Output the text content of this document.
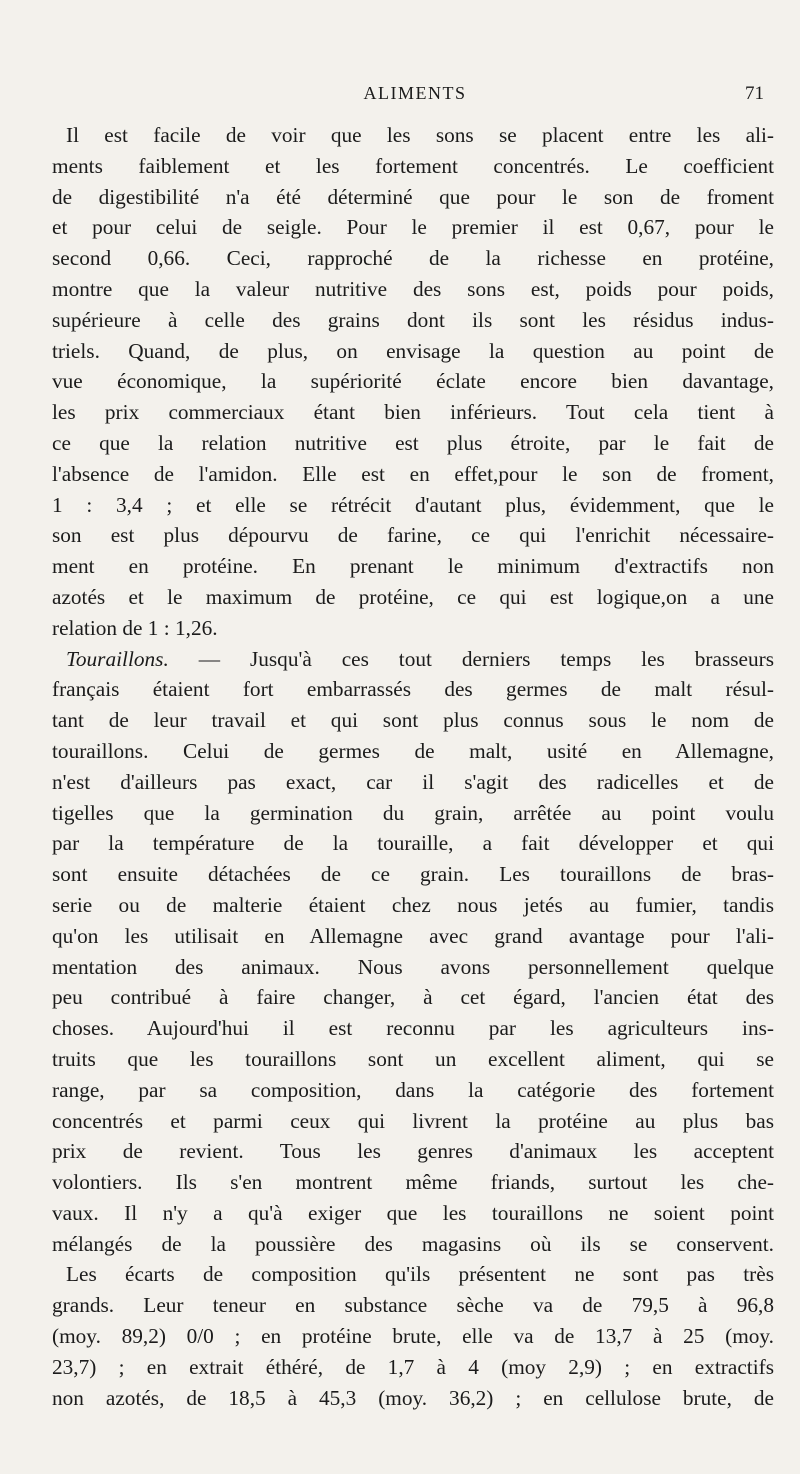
ALIMENTS	71
Il est facile de voir que les sons se placent entre les ali-
ments faiblement et les fortement concentrés. Le coefficient
de digestibilité n'a été déterminé que pour le son de froment
et pour celui de seigle. Pour le premier il est 0,67, pour le
second 0,66. Ceci, rapproché de la richesse en protéine,
montre que la valeur nutritive des sons est, poids pour poids,
supérieure à celle des grains dont ils sont les résidus indus-
triels. Quand, de plus, on envisage la question au point de
vue économique, la supériorité éclate encore bien davantage,
les prix commerciaux étant bien inférieurs. Tout cela tient à
ce que la relation nutritive est plus étroite, par le fait de
l'absence de l'amidon. Elle est en effet,pour le son de froment,
1 : 3,4 ; et elle se rétrécit d'autant plus, évidemment, que le
son est plus dépourvu de farine, ce qui l'enrichit nécessaire-
ment en protéine. En prenant le minimum d'extractifs non
azotés et le maximum de protéine, ce qui est logique,on a une
relation de 1 : 1,26.
Touraillons. — Jusqu'à ces tout derniers temps les brasseurs
français étaient fort embarrassés des germes de malt résul-
tant de leur travail et qui sont plus connus sous le nom de
touraillons. Celui de germes de malt, usité en Allemagne,
n'est d'ailleurs pas exact, car il s'agit des radicelles et de
tigelles que la germination du grain, arrêtée au point voulu
par la température de la touraille, a fait développer et qui
sont ensuite détachées de ce grain. Les touraillons de bras-
serie ou de malterie étaient chez nous jetés au fumier, tandis
qu'on les utilisait en Allemagne avec grand avantage pour l'ali-
mentation des animaux. Nous avons personnellement quelque
peu contribué à faire changer, à cet égard, l'ancien état des
choses. Aujourd'hui il est reconnu par les agriculteurs ins-
truits que les touraillons sont un excellent aliment, qui se
range, par sa composition, dans la catégorie des fortement
concentrés et parmi ceux qui livrent la protéine au plus bas
prix de revient. Tous les genres d'animaux les acceptent
volontiers. Ils s'en montrent même friands, surtout les che-
vaux. Il n'y a qu'à exiger que les touraillons ne soient point
mélangés de la poussière des magasins où ils se conservent.
Les écarts de composition qu'ils présentent ne sont pas très
grands. Leur teneur en substance sèche va de 79,5 à 96,8
(moy. 89,2) 0/0 ; en protéine brute, elle va de 13,7 à 25 (moy.
23,7) ; en extrait éthéré, de 1,7 à 4 (moy 2,9) ; en extractifs
non azotés, de 18,5 à 45,3 (moy. 36,2) ; en cellulose brute, de
